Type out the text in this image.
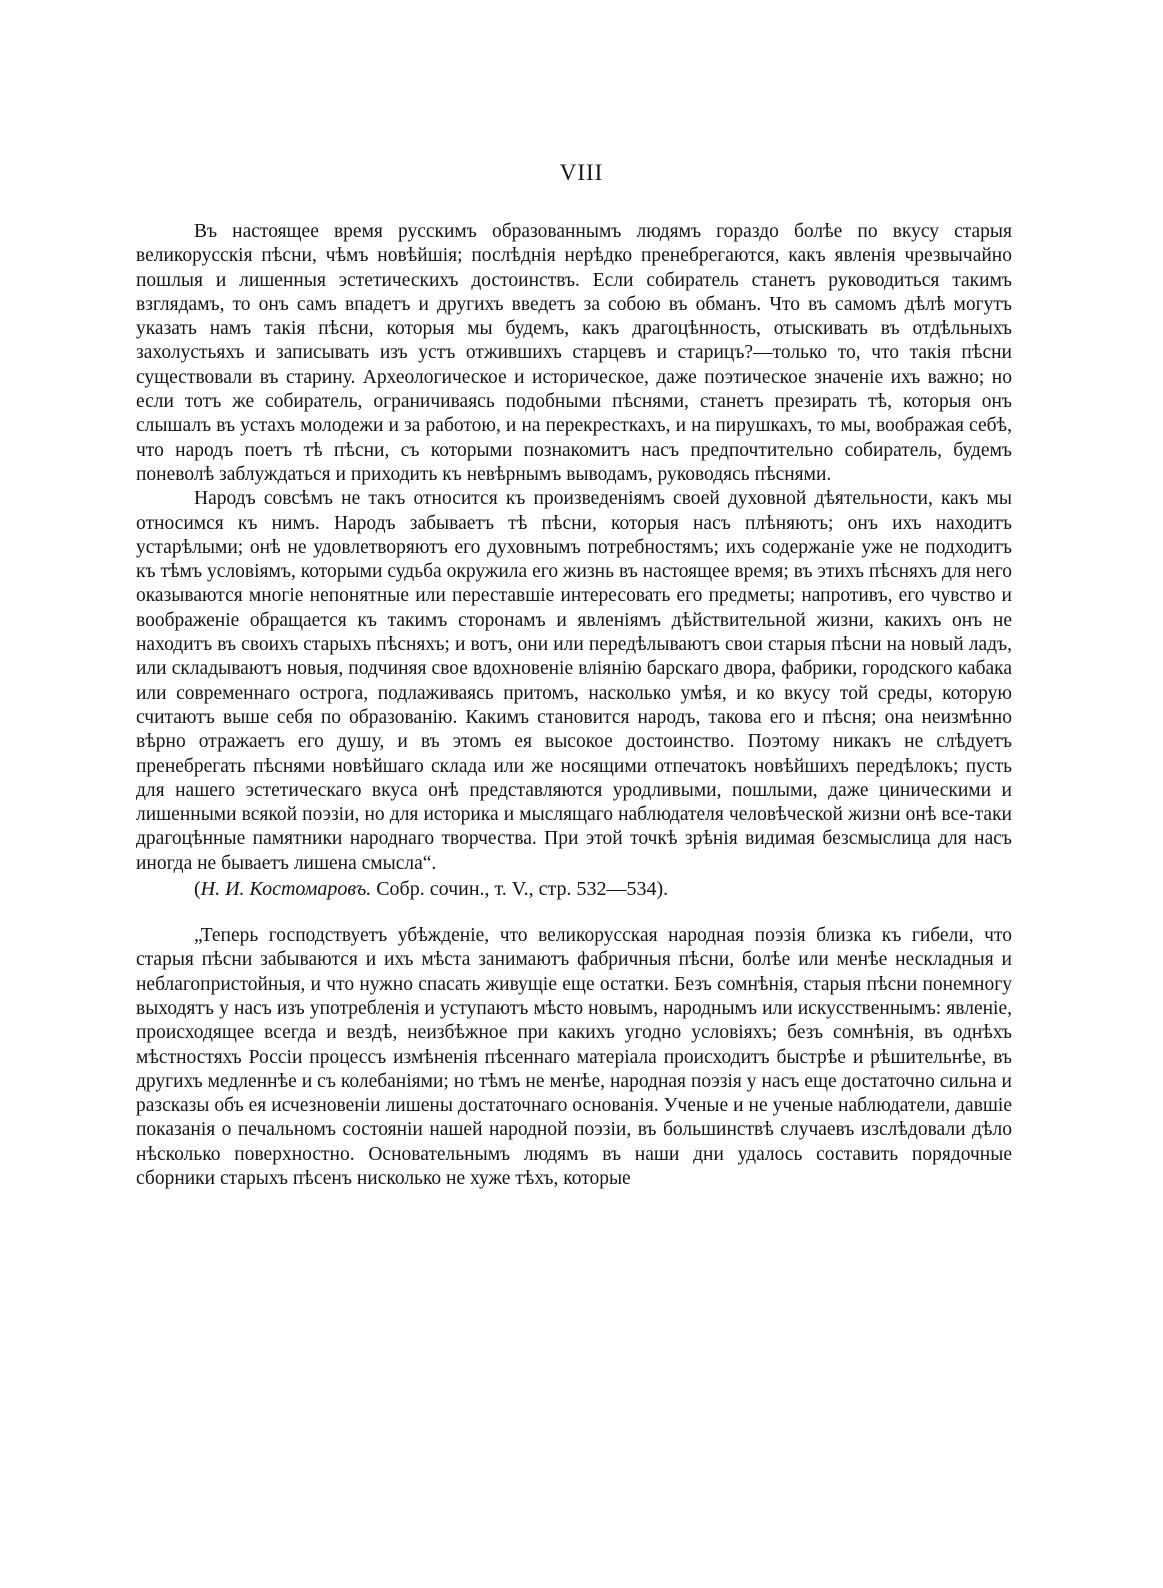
VIII

Въ настоящее время русскимъ образованнымъ людямъ гораздо болѣе по вкусу старыя великорусскія пѣсни, чѣмъ новѣйшія; послѣднія нерѣдко пренебрегаются, какъ явленія чрезвычайно пошлыя и лишенныя эстетическихъ достоинствъ. Если собиратель станетъ руководиться такимъ взглядамъ, то онъ самъ впадетъ и другихъ введетъ за собою въ обманъ. Что въ самомъ дѣлѣ могутъ указать намъ такія пѣсни, которыя мы будемъ, какъ драгоцѣнность, отыскивать въ отдѣльныхъ захолустьяхъ и записывать изъ устъ отжившихъ старцевъ и старицъ?—только то, что такія пѣсни существовали въ старину. Археологическое и историческое, даже поэтическое значеніе ихъ важно; но если тотъ же собиратель, ограничиваясь подобными пѣснями, станетъ презирать тѣ, которыя онъ слышалъ въ устахъ молодежи и за работою, и на перекресткахъ, и на пирушкахъ, то мы, воображая себѣ, что народъ поетъ тѣ пѣсни, съ которыми познакомитъ насъ предпочтительно собиратель, будемъ поневолѣ заблуждаться и приходить къ невѣрнымъ выводамъ, руководясь пѣснями.

Народъ совсѣмъ не такъ относится къ произведеніямъ своей духовной дѣятельности, какъ мы относимся къ нимъ. Народъ забываетъ тѣ пѣсни, которыя насъ плѣняютъ; онъ ихъ находитъ устарѣлыми; онѣ не удовлетворяютъ его духовнымъ потребностямъ; ихъ содержаніе уже не подходитъ къ тѣмъ условіямъ, которыми судьба окружила его жизнь въ настоящее время; въ этихъ пѣсняхъ для него оказываются многіе непонятные или переставшіе интересовать его предметы; напротивъ, его чувство и воображеніе обращается къ такимъ сторонамъ и явленіямъ дѣйствительной жизни, какихъ онъ не находитъ въ своихъ старыхъ пѣсняхъ; и вотъ, они или передѣлываютъ свои старыя пѣсни на новый ладъ, или складываютъ новыя, подчиняя свое вдохновеніе вліянію барскаго двора, фабрики, городского кабака или современнаго острога, подлаживаясь притомъ, насколько умѣя, и ко вкусу той среды, которую считаютъ выше себя по образованію. Какимъ становится народъ, такова его и пѣсня; она неизмѣнно вѣрно отражаетъ его душу, и въ этомъ ея высокое достоинство. Поэтому никакъ не слѣдуетъ пренебрегать пѣснями новѣйшаго склада или же носящими отпечатокъ новѣйшихъ передѣлокъ; пусть для нашего эстетическаго вкуса онѣ представляются уродливыми, пошлыми, даже циническими и лишенными всякой поэзіи, но для историка и мыслящаго наблюдателя человѣческой жизни онѣ все-таки драгоцѣнные памятники народнаго творчества. При этой точкѣ зрѣнія видимая безсмыслица для насъ иногда не бываетъ лишена смысла“.

(Н. И. Костомаровъ. Собр. сочин., т. V., стр. 532—534).

„Теперь господствуетъ убѣжденіе, что великорусская народная поэзія близка къ гибели, что старыя пѣсни забываются и ихъ мѣста занимаютъ фабричныя пѣсни, болѣе или менѣе нескладныя и неблагопристойныя, и что нужно спасать живущіе еще остатки. Безъ сомнѣнія, старыя пѣсни понемногу выходятъ у насъ изъ употребленія и уступаютъ мѣсто новымъ, народнымъ или искусственнымъ: явленіе, происходящее всегда и вездѣ, неизбѣжное при какихъ угодно условіяхъ; безъ сомнѣнія, въ однѣхъ мѣстностяхъ Россіи процессъ измѣненія пѣсеннаго матеріала происходитъ быстрѣе и рѣшительнѣе, въ другихъ медленнѣе и съ колебаніями; но тѣмъ не менѣе, народная поэзія у насъ еще достаточно сильна и разсказы объ ея исчезновеніи лишены достаточнаго основанія. Ученые и не ученые наблюдатели, давшіе показанія о печальномъ состояніи нашей народной поэзіи, въ большинствѣ случаевъ изслѣдовали дѣло нѣсколько поверхностно. Основательнымъ людямъ въ наши дни удалось составить порядочные сборники старыхъ пѣсенъ нисколько не хуже тѣхъ, которые
